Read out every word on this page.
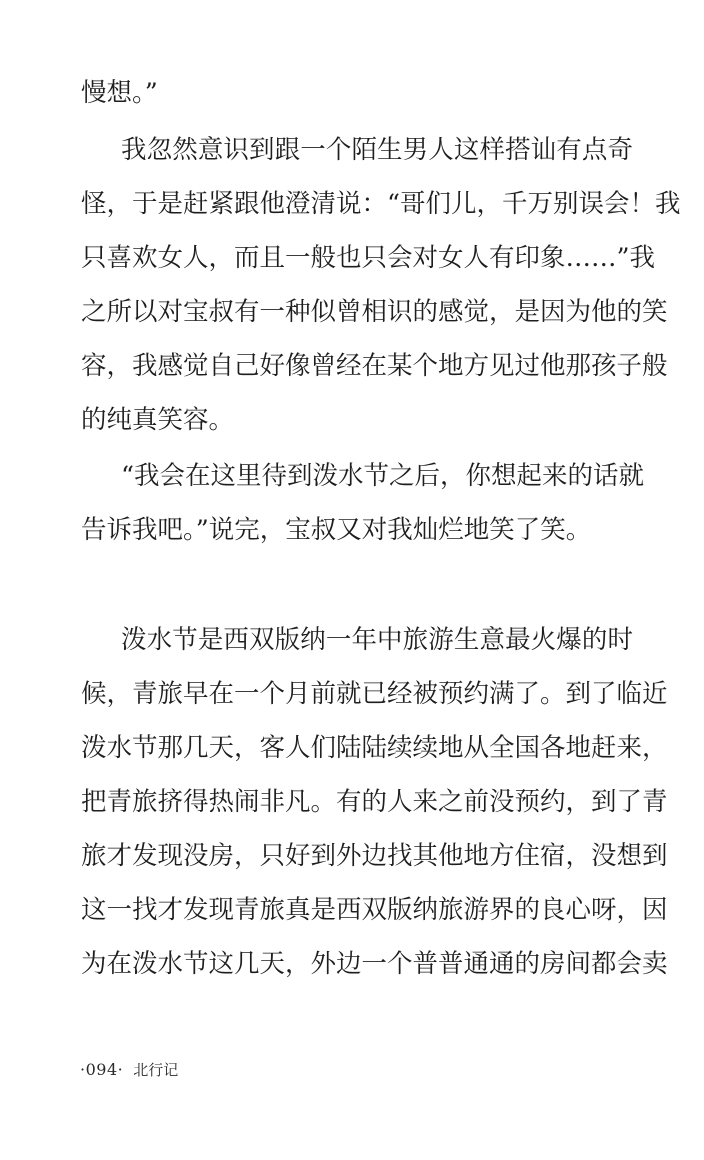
慢想。”
我忽然意识到跟一个陌生男人这样搭讪有点奇
怪，于是赶紧跟他澄清说：“哥们儿，千万别误会！我
只喜欢女人，而且一般也只会对女人有印象……”我
之所以对宝叔有一种似曾相识的感觉，是因为他的笑
容，我感觉自己好像曾经在某个地方见过他那孩子般
的纯真笑容。
“我会在这里待到泼水节之后，你想起来的话就
告诉我吧。”说完，宝叔又对我灿烂地笑了笑。
泼水节是西双版纳一年中旅游生意最火爆的时
候，青旅早在一个月前就已经被预约满了。到了临近
泼水节那几天，客人们陆陆续续地从全国各地赶来，
把青旅挤得热闹非凡。有的人来之前没预约，到了青
旅才发现没房，只好到外边找其他地方住宿，没想到
这一找才发现青旅真是西双版纳旅游界的良心呀，因
为在泼水节这几天，外边一个普普通通的房间都会卖
·094· 北行记
